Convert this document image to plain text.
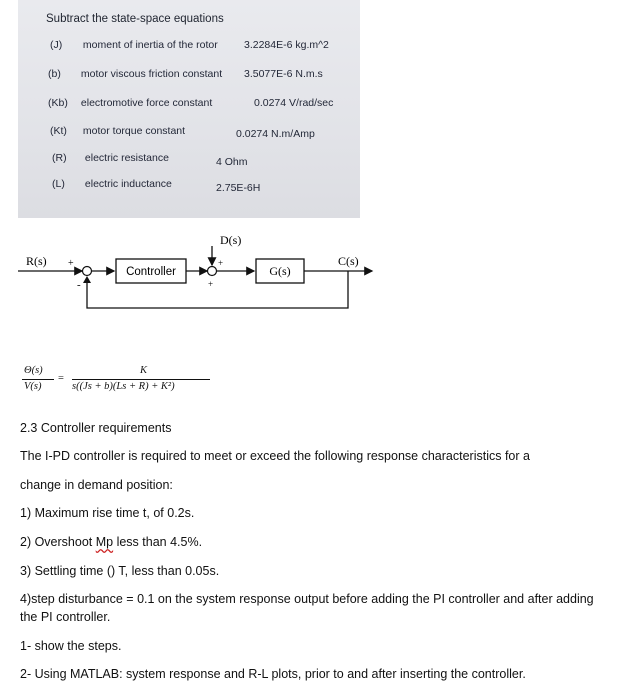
Subtract the state-space equations
(J) moment of inertia of the rotor	3.2284E-6 kg.m^2
(b) motor viscous friction constant 3.5077E-6 N.m.s
(Kb) electromotive force constant	0.0274 V/rad/sec
(Kt) motor torque constant	0.0274 N.m/Amp
(R) electric resistance	4 Ohm
(L) electric inductance	2.75E-6H
R(s) +
-
Controller
D(s)
+
+
G(s)
C(s)
Θ(s)
V(s)
=
K
s((Js + b)(Ls + R) + K²)
2.3 Controller requirements
The I-PD controller is required to meet or exceed the following response characteristics for a
change in demand position:
1) Maximum rise time t, of 0.2s.
2) Overshoot Mp less than 4.5%.
3) Settling time () T, less than 0.05s.
4)step disturbance = 0.1 on the system response output before adding the PI controller and after adding
the PI controller.
1- show the steps.
2- Using MATLAB: system response and R-L plots, prior to and after inserting the controller.
